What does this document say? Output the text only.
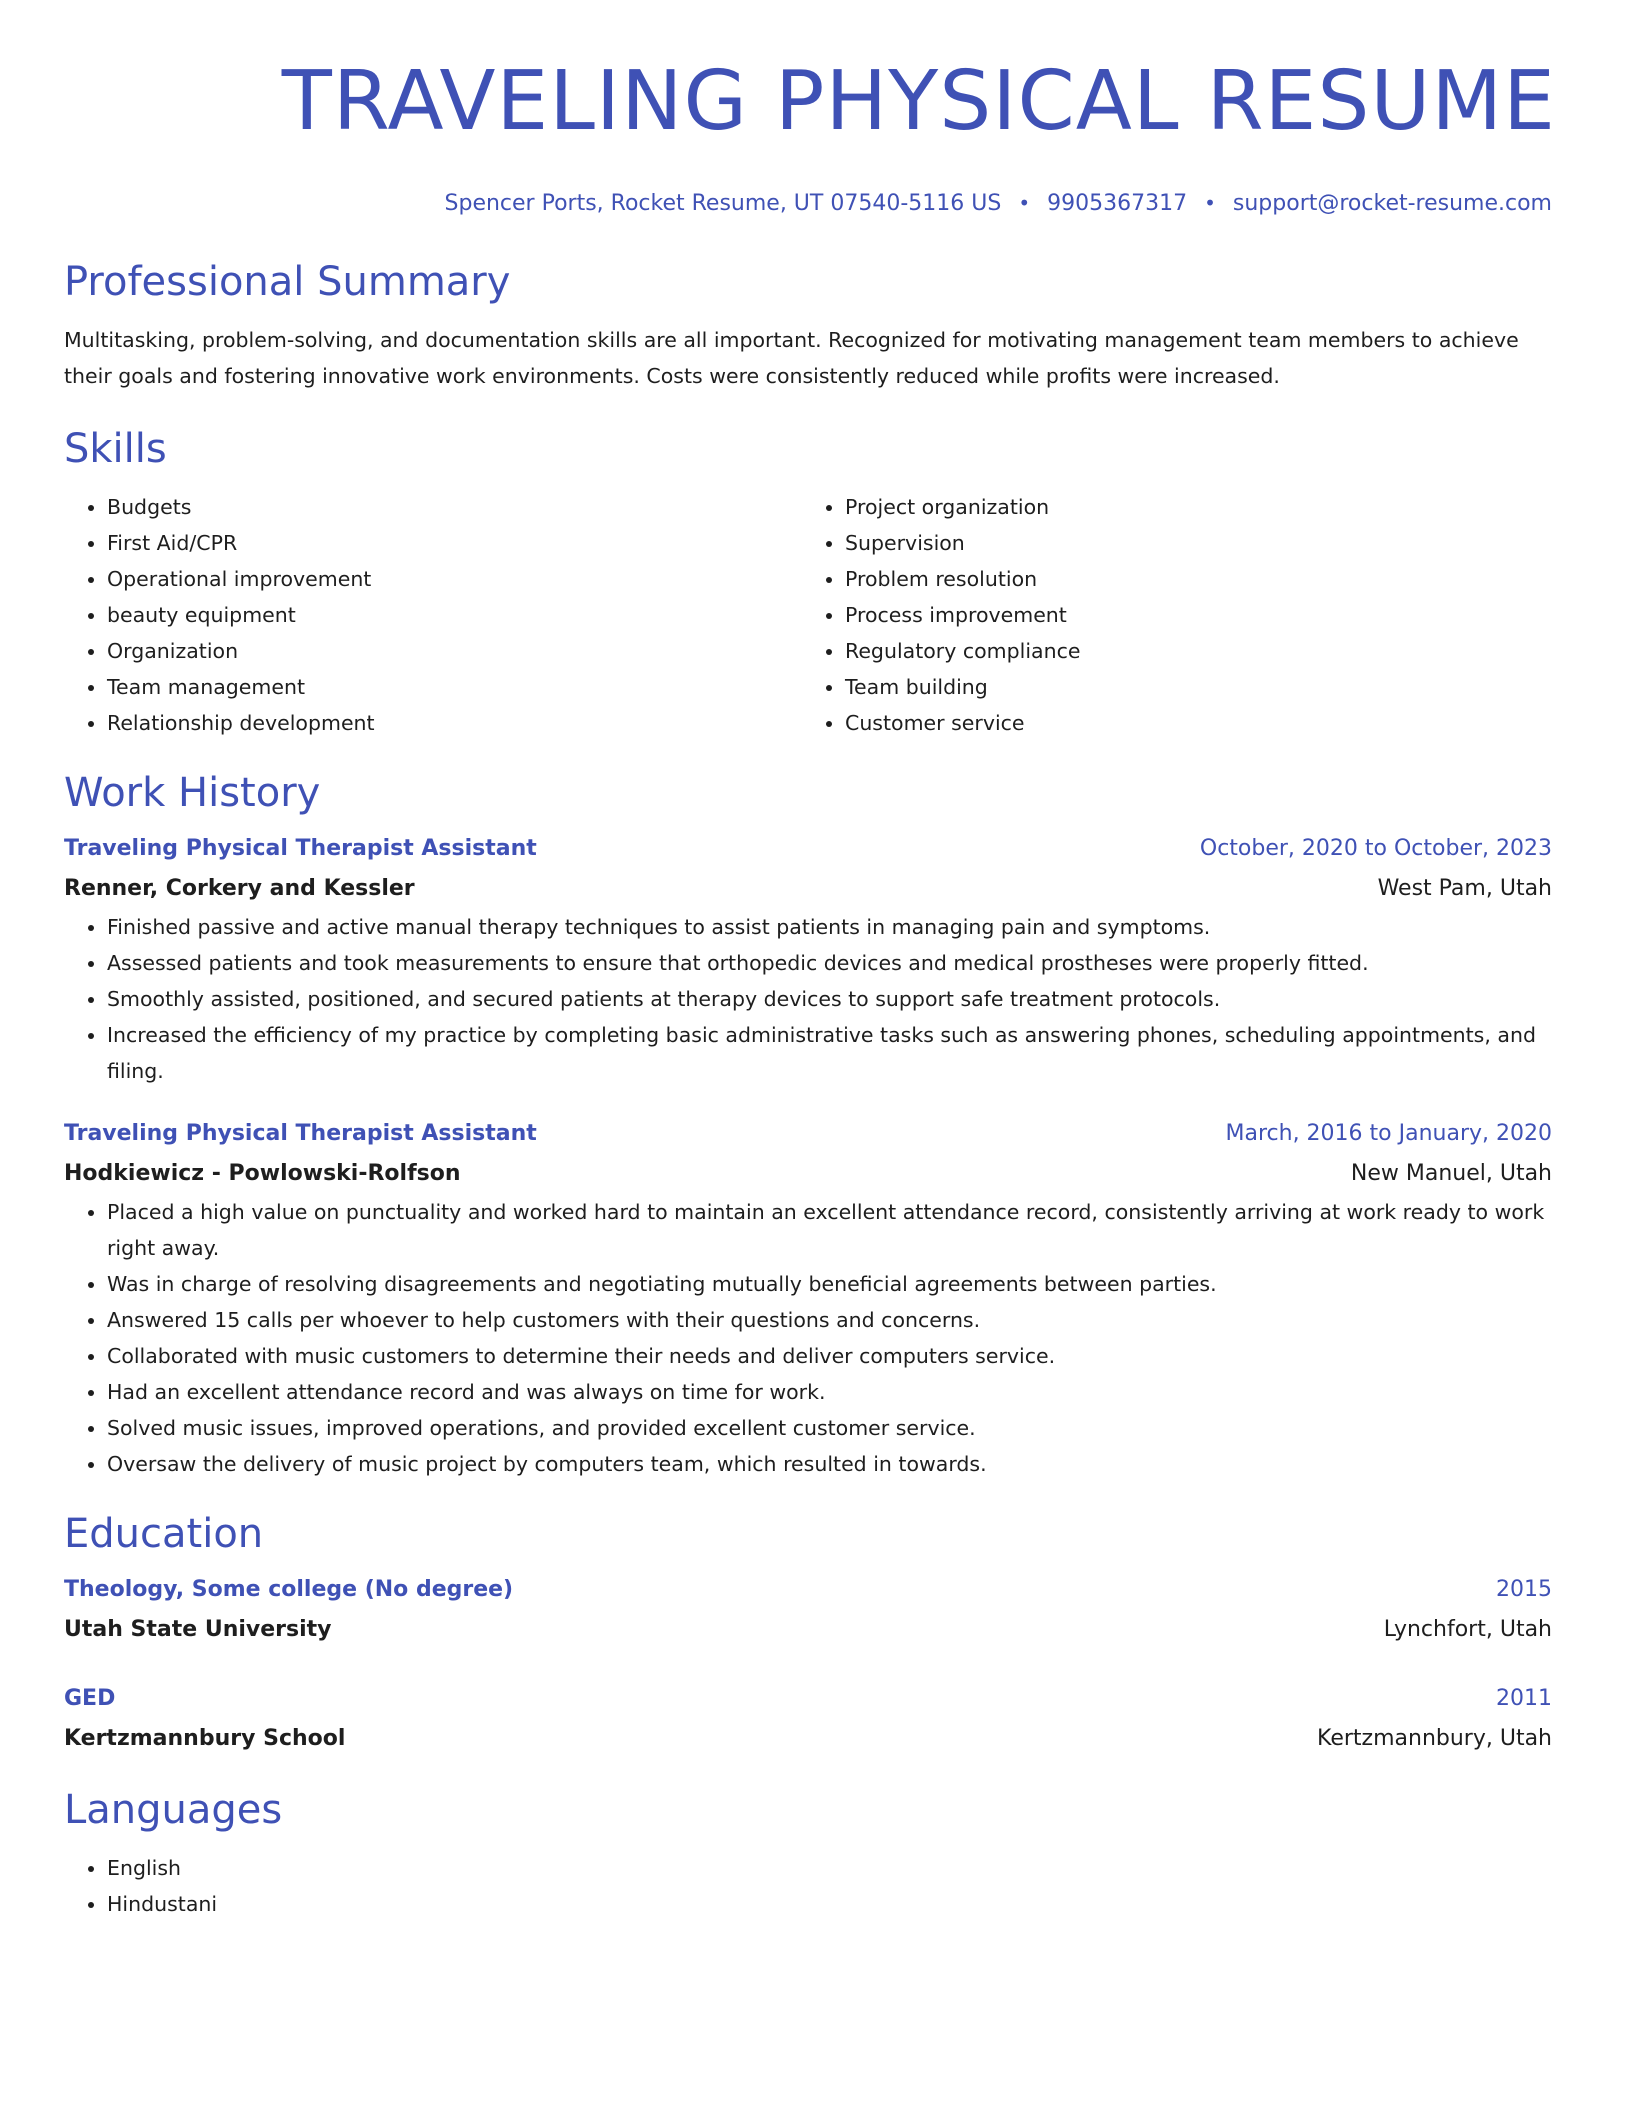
TRAVELING PHYSICAL RESUME
Spencer Ports, Rocket Resume, UT 07540-5116 US • 9905367317 • support@rocket-resume.com
Professional Summary

Multitasking, problem-solving, and documentation skills are all important. Recognized for motivating management team members to achieve their goals and fostering innovative work environments. Costs were consistently reduced while profits were increased.

Skills
• Budgets
• First Aid/CPR
• Operational improvement
• beauty equipment
• Organization
• Team management
• Relationship development
• Project organization
• Supervision
• Problem resolution
• Process improvement
• Regulatory compliance
• Team building
• Customer service
Work History
Traveling Physical Therapist Assistant	October, 2020 to October, 2023
Renner, Corkery and Kessler	West Pam, Utah
• Finished passive and active manual therapy techniques to assist patients in managing pain and symptoms.
• Assessed patients and took measurements to ensure that orthopedic devices and medical prostheses were properly fitted.
• Smoothly assisted, positioned, and secured patients at therapy devices to support safe treatment protocols.
• Increased the efficiency of my practice by completing basic administrative tasks such as answering phones, scheduling appointments, and filing.
Traveling Physical Therapist Assistant	March, 2016 to January, 2020
Hodkiewicz - Powlowski-Rolfson	New Manuel, Utah
• Placed a high value on punctuality and worked hard to maintain an excellent attendance record, consistently arriving at work ready to work right away.
• Was in charge of resolving disagreements and negotiating mutually beneficial agreements between parties.
• Answered 15 calls per whoever to help customers with their questions and concerns.
• Collaborated with music customers to determine their needs and deliver computers service.
• Had an excellent attendance record and was always on time for work.
• Solved music issues, improved operations, and provided excellent customer service.
• Oversaw the delivery of music project by computers team, which resulted in towards.
Education
Theology, Some college (No degree)	2015
Utah State University	Lynchfort, Utah
GED	2011
Kertzmannbury School	Kertzmannbury, Utah
Languages
• English
• Hindustani
